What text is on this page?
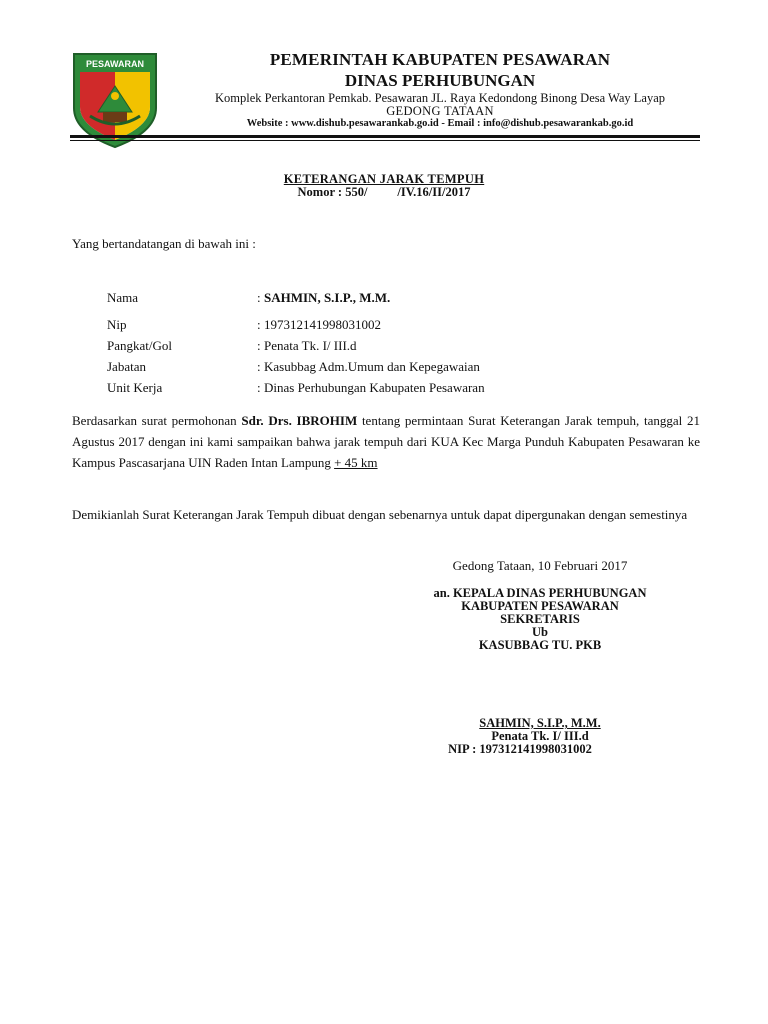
PESAWARAN	PEMERINTAH KABUPATEN PESAWARAN
DINAS PERHUBUNGAN
Komplek Perkantoran Pemkab. Pesawaran JL. Raya Kedondong Binong Desa Way Layap
GEDONG TATAAN
Website : www.dishub.pesawarankab.go.id - Email : info@dishub.pesawarankab.go.id
KETERANGAN JARAK TEMPUH
Nomor : 550/ /IV.16/II/2017
Yang bertandatangan di bawah ini :
Nama	: SAHMIN, S.I.P., M.M.
Nip	: 197312141998031002
Pangkat/Gol	: Penata Tk. I/ III.d
Jabatan	: Kasubbag Adm.Umum dan Kepegawaian
Unit Kerja	: Dinas Perhubungan Kabupaten Pesawaran
Berdasarkan surat permohonan Sdr. Drs. IBROHIM tentang permintaan Surat Keterangan Jarak tempuh, tanggal 21 Agustus 2017 dengan ini kami sampaikan bahwa jarak tempuh dari KUA Kec Marga Punduh Kabupaten Pesawaran ke Kampus Pascasarjana UIN Raden Intan Lampung + 45 km
Demikianlah Surat Keterangan Jarak Tempuh dibuat dengan sebenarnya untuk dapat dipergunakan dengan semestinya
Gedong Tataan, 10 Februari 2017
an. KEPALA DINAS PERHUBUNGAN
KABUPATEN PESAWARAN
SEKRETARIS
Ub
KASUBBAG TU. PKB
SAHMIN, S.I.P., M.M.
Penata Tk. I/ III.d
NIP : 197312141998031002
